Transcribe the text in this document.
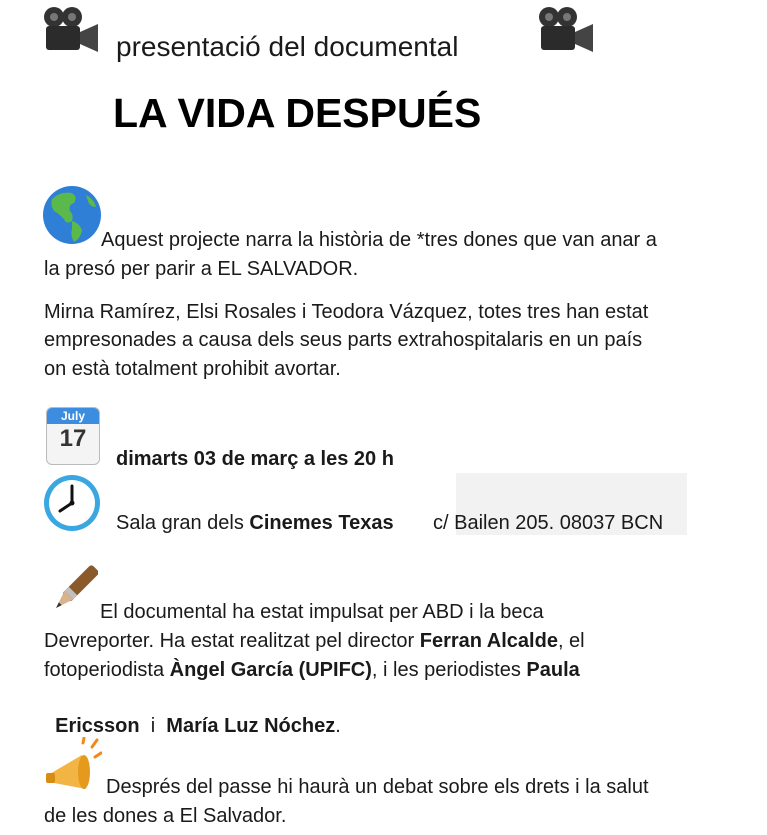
presentació del documental
LA VIDA DESPUÉS
Aquest projecte narra la història de *tres dones que van anar a
la presó per parir a EL SALVADOR.
Mirna Ramírez, Elsi Rosales i Teodora Vázquez, totes tres han estat
empresonades a causa dels seus parts extrahospitalaris en un país
on està totalment prohibit avortar.
July
17
dimarts 03 de març a les 20 h
Sala gran dels Cinemes Texas c/ Bailen 205. 08037 BCN
El documental ha estat impulsat per ABD i la beca
Devreporter. Ha estat realitzat pel director Ferran Alcalde, el
fotoperiodista Àngel García (UPIFC), i les periodistes Paula

Ericsson  i  María Luz Nóchez.

Després del passe hi haurà un debat sobre els drets i la salut
de les dones a El Salvador.
